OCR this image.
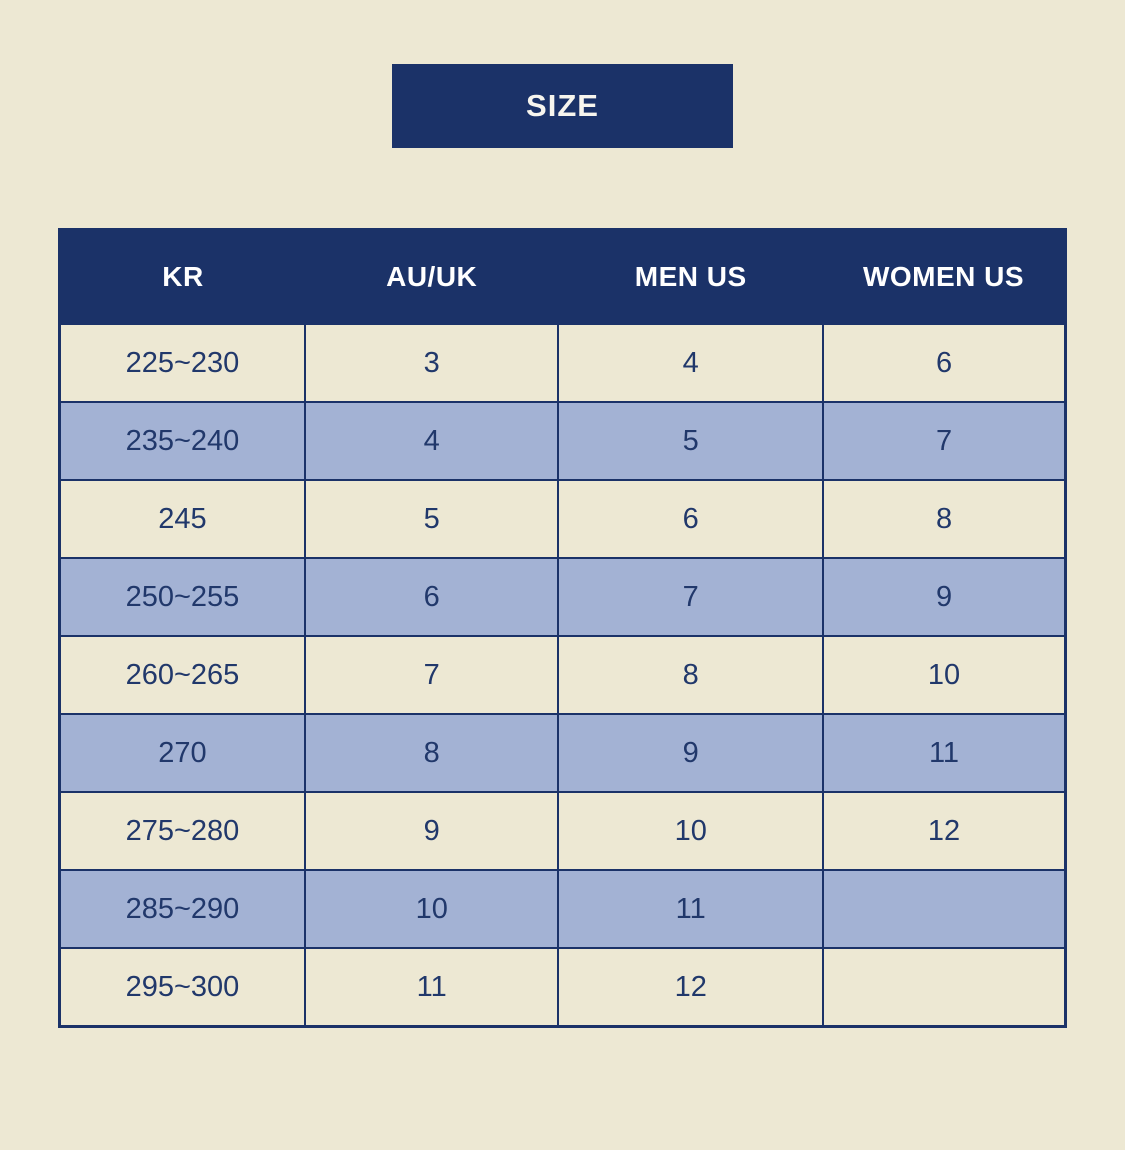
SIZE
KR	AU/UK	MEN US	WOMEN US
225~230	3	4	6
235~240	4	5	7
245	5	6	8
250~255	6	7	9
260~265	7	8	10
270	8	9	11
275~280	9	10	12
285~290	10	11	
295~300	11	12	
